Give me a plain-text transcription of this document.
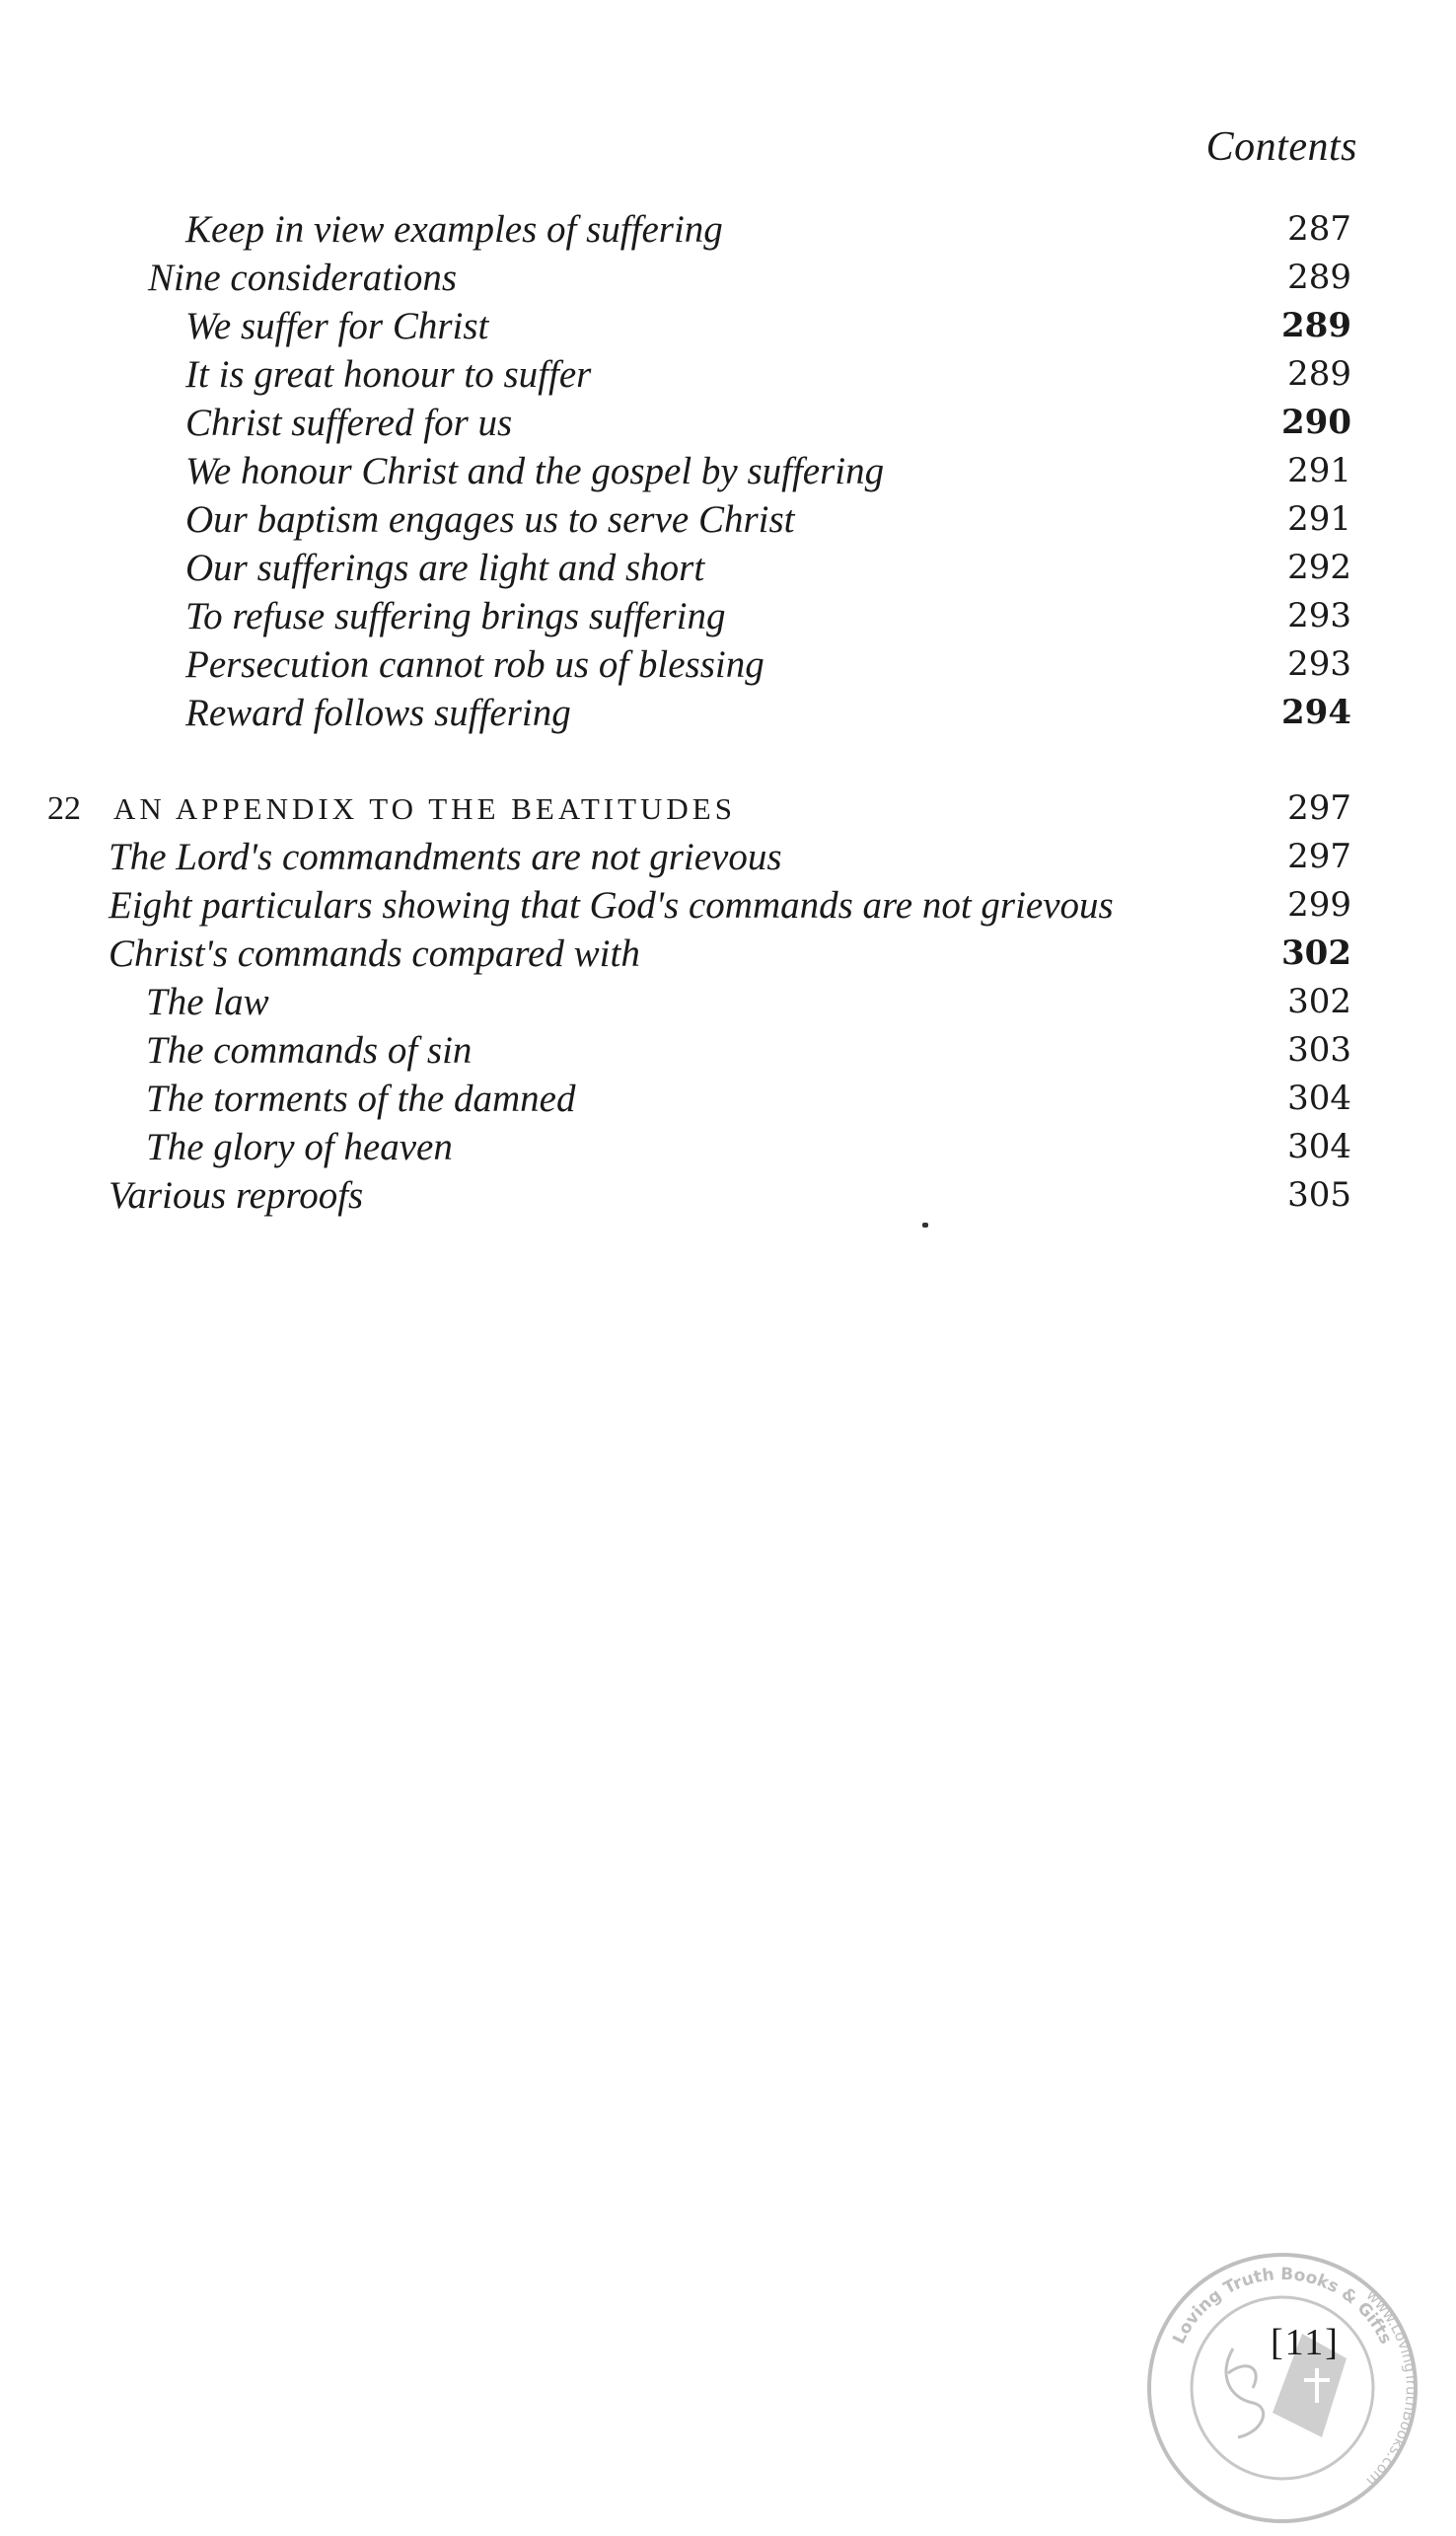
Contents
Keep in view examples of suffering	287
Nine considerations	289
We suffer for Christ	289
It is great honour to suffer	289
Christ suffered for us	290
We honour Christ and the gospel by suffering	291
Our baptism engages us to serve Christ	291
Our sufferings are light and short	292
To refuse suffering brings suffering	293
Persecution cannot rob us of blessing	293
Reward follows suffering	294
22 AN APPENDIX TO THE BEATITUDES	297
The Lord's commandments are not grievous	297
Eight particulars showing that God's commands are not grievous	299
Christ's commands compared with	302
The law	302
The commands of sin	303
The torments of the damned	304
The glory of heaven	304
Various reproofs	305
Loving Truth Books & Gifts
www.LovingTruthBooks.com
[11]
